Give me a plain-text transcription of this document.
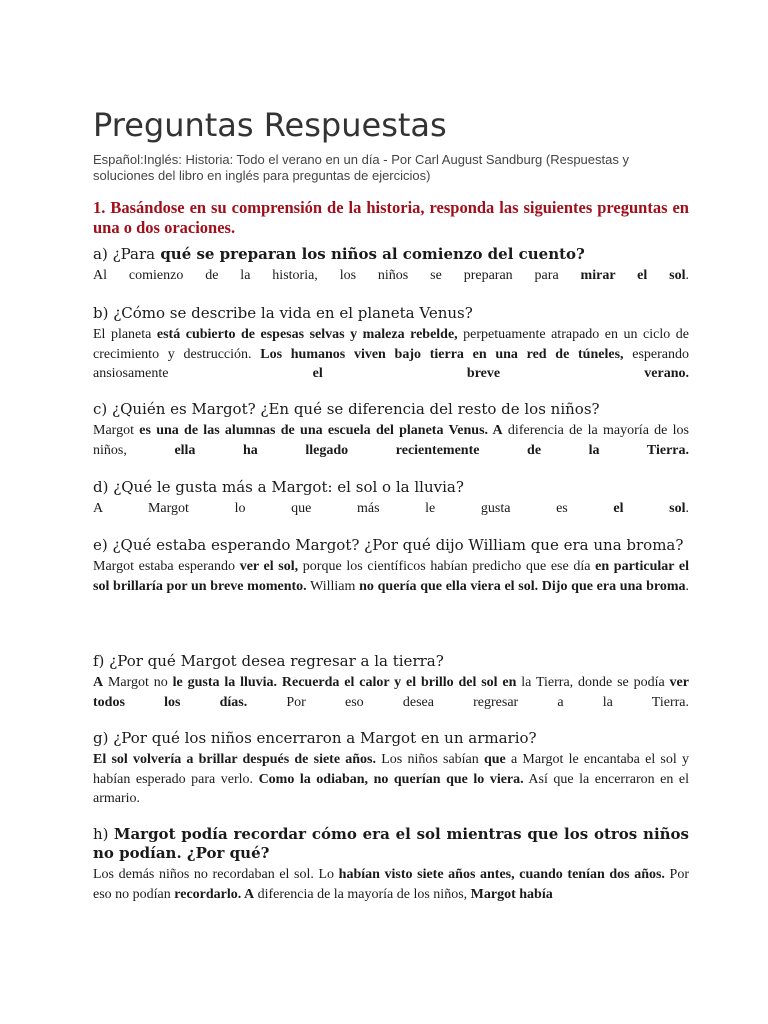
Preguntas Respuestas

Español:Inglés: Historia: Todo el verano en un día - Por Carl August Sandburg (Respuestas y soluciones del libro en inglés para preguntas de ejercicios)

1. Basándose en su comprensión de la historia, responda las siguientes preguntas en una o dos oraciones.

a) ¿Para qué se preparan los niños al comienzo del cuento?

Al comienzo de la historia, los niños se preparan para mirar el sol.

b) ¿Cómo se describe la vida en el planeta Venus?

El planeta está cubierto de espesas selvas y maleza rebelde, perpetuamente atrapado en un ciclo de crecimiento y destrucción. Los humanos viven bajo tierra en una red de túneles, esperando ansiosamente el breve verano.

c) ¿Quién es Margot? ¿En qué se diferencia del resto de los niños?

Margot es una de las alumnas de una escuela del planeta Venus. A diferencia de la mayoría de los niños, ella ha llegado recientemente de la Tierra.

d) ¿Qué le gusta más a Margot: el sol o la lluvia?

A Margot lo que más le gusta es el sol.

e) ¿Qué estaba esperando Margot? ¿Por qué dijo William que era una broma?

Margot estaba esperando ver el sol, porque los científicos habían predicho que ese día en particular el sol brillaría por un breve momento. William no quería que ella viera el sol. Dijo que era una broma.

f) ¿Por qué Margot desea regresar a la tierra?

A Margot no le gusta la lluvia. Recuerda el calor y el brillo del sol en la Tierra, donde se podía ver todos los días. Por eso desea regresar a la Tierra.

g) ¿Por qué los niños encerraron a Margot en un armario?

El sol volvería a brillar después de siete años. Los niños sabían que a Margot le encantaba el sol y habían esperado para verlo. Como la odiaban, no querían que lo viera. Así que la encerraron en el armario.

h) Margot podía recordar cómo era el sol mientras que los otros niños no podían. ¿Por qué?

Los demás niños no recordaban el sol. Lo habían visto siete años antes, cuando tenían dos años. Por eso no podían recordarlo. A diferencia de la mayoría de los niños, Margot había
